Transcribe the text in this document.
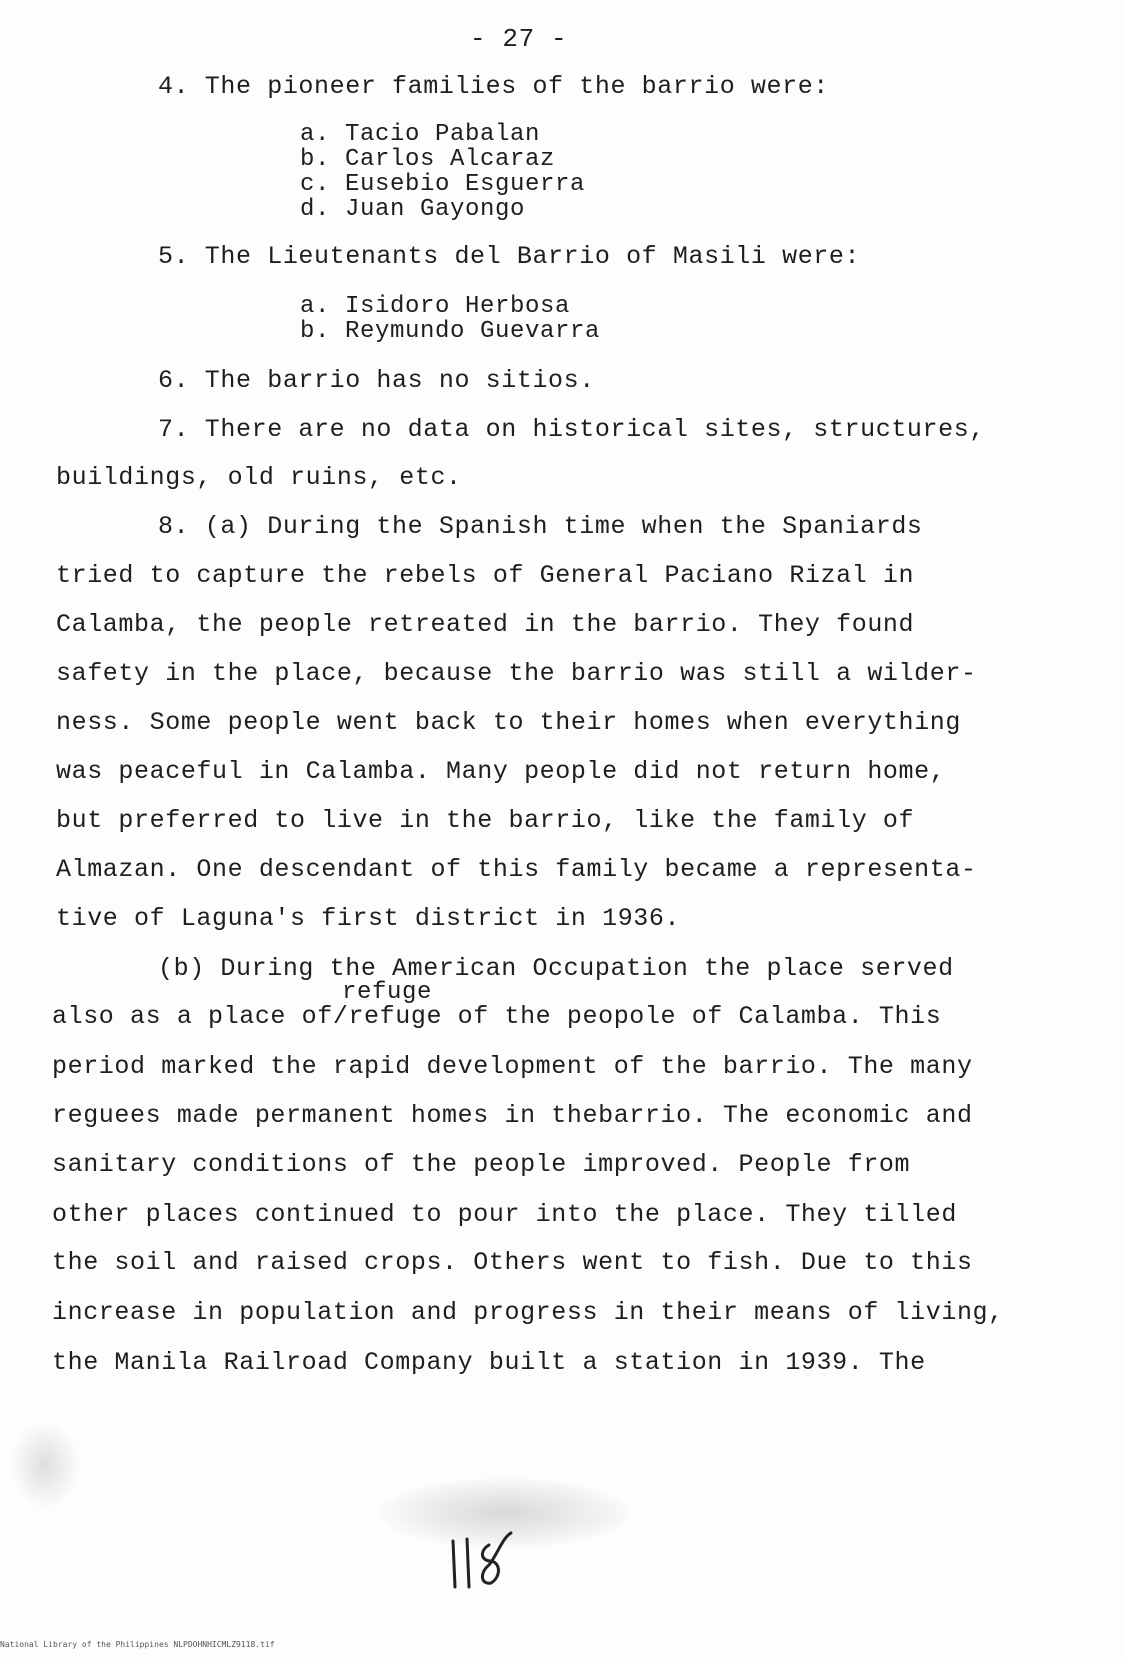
- 27 -
4. The pioneer families of the barrio were:
a. Tacio Pabalan
b. Carlos Alcaraz
c. Eusebio Esguerra
d. Juan Gayongo
5. The Lieutenants del Barrio of Masili were:
a. Isidoro Herbosa
b. Reymundo Guevarra
6. The barrio has no sitios.
7. There are no data on historical sites, structures,
buildings, old ruins, etc.
8. (a) During the Spanish time when the Spaniards
tried to capture the rebels of General Paciano Rizal in
Calamba, the people retreated in the barrio. They found
safety in the place, because the barrio was still a wilder-
ness. Some people went back to their homes when everything
was peaceful in Calamba. Many people did not return home,
but preferred to live in the barrio, like the family of
Almazan. One descendant of this family became a representa-
tive of Laguna's first district in 1936.
(b) During the American Occupation the place served
refuge
also as a place of/refuge of the peopole of Calamba. This
period marked the rapid development of the barrio. The many
reguees made permanent homes in thebarrio. The economic and
sanitary conditions of the people improved. People from
other places continued to pour into the place. They tilled
the soil and raised crops. Others went to fish. Due to this
increase in population and progress in their means of living,
the Manila Railroad Company built a station in 1939. The
National Library of the Philippines NLPDOHNHICMLZ9118.tif
